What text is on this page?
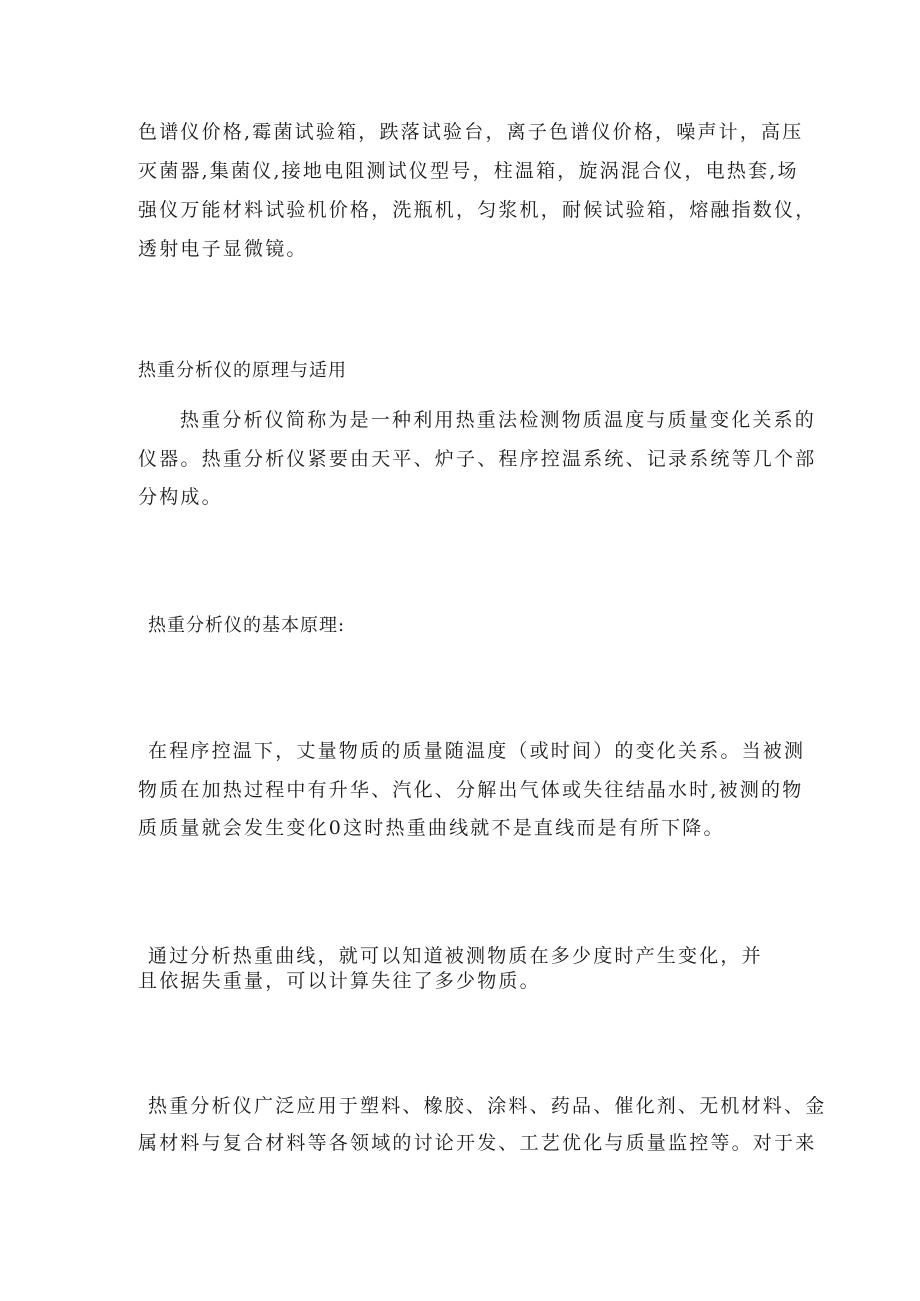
色谱仪价格,霉菌试验箱，跌落试验台，离子色谱仪价格，噪声计，高压
灭菌器,集菌仪,接地电阻测试仪型号，柱温箱，旋涡混合仪，电热套,场
强仪万能材料试验机价格，洗瓶机，匀浆机，耐候试验箱，熔融指数仪，
透射电子显微镜。
热重分析仪的原理与适用
热重分析仪简称为是一种利用热重法检测物质温度与质量变化关系的
仪器。热重分析仪紧要由天平、炉子、程序控温系统、记录系统等几个部
分构成。
热重分析仪的基本原理:
在程序控温下，丈量物质的质量随温度（或时间）的变化关系。当被测
物质在加热过程中有升华、汽化、分解出气体或失往结晶水时,被测的物
质质量就会发生变化0这时热重曲线就不是直线而是有所下降。
通过分析热重曲线，就可以知道被测物质在多少度时产生变化，并
且依据失重量，可以计算失往了多少物质。
热重分析仪广泛应用于塑料、橡胶、涂料、药品、催化剂、无机材料、金
属材料与复合材料等各领域的讨论开发、工艺优化与质量监控等。对于来
